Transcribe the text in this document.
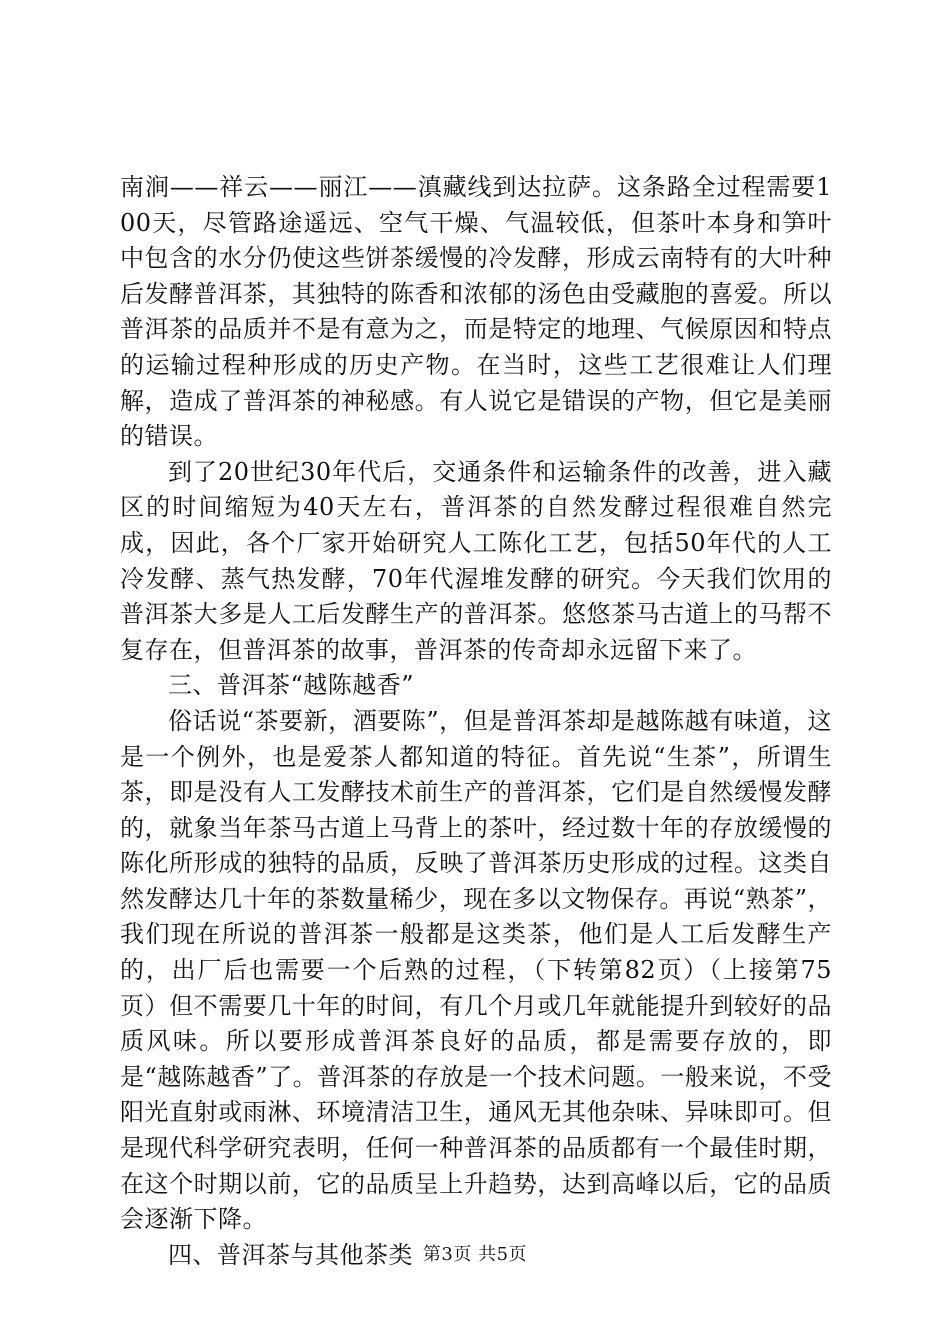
南涧——祥云——丽江——滇藏线到达拉萨。这条路全过程需要100天，尽管路途遥远、空气干燥、气温较低，但茶叶本身和笋叶中包含的水分仍使这些饼茶缓慢的冷发酵，形成云南特有的大叶种后发酵普洱茶，其独特的陈香和浓郁的汤色由受藏胞的喜爱。所以普洱茶的品质并不是有意为之，而是特定的地理、气候原因和特点的运输过程种形成的历史产物。在当时，这些工艺很难让人们理解，造成了普洱茶的神秘感。有人说它是错误的产物，但它是美丽的错误。

到了20世纪30年代后，交通条件和运输条件的改善，进入藏区的时间缩短为40天左右，普洱茶的自然发酵过程很难自然完成，因此，各个厂家开始研究人工陈化工艺，包括50年代的人工冷发酵、蒸气热发酵，70年代渥堆发酵的研究。今天我们饮用的普洱茶大多是人工后发酵生产的普洱茶。悠悠茶马古道上的马帮不复存在，但普洱茶的故事，普洱茶的传奇却永远留下来了。

三、普洱茶“越陈越香”

俗话说“茶要新，酒要陈”，但是普洱茶却是越陈越有味道，这是一个例外，也是爱茶人都知道的特征。首先说“生茶”，所谓生茶，即是没有人工发酵技术前生产的普洱茶，它们是自然缓慢发酵的，就象当年茶马古道上马背上的茶叶，经过数十年的存放缓慢的陈化所形成的独特的品质，反映了普洱茶历史形成的过程。这类自然发酵达几十年的茶数量稀少，现在多以文物保存。再说“熟茶”，我们现在所说的普洱茶一般都是这类茶，他们是人工后发酵生产的，出厂后也需要一个后熟的过程，（下转第82页）（上接第75页）但不需要几十年的时间，有几个月或几年就能提升到较好的品质风味。所以要形成普洱茶良好的品质，都是需要存放的，即是“越陈越香”了。普洱茶的存放是一个技术问题。一般来说，不受阳光直射或雨淋、环境清洁卫生，通风无其他杂味、异味即可。但是现代科学研究表明，任何一种普洱茶的品质都有一个最佳时期，在这个时期以前，它的品质呈上升趋势，达到高峰以后，它的品质会逐渐下降。

四、普洱茶与其他茶类 第3页 共5页
